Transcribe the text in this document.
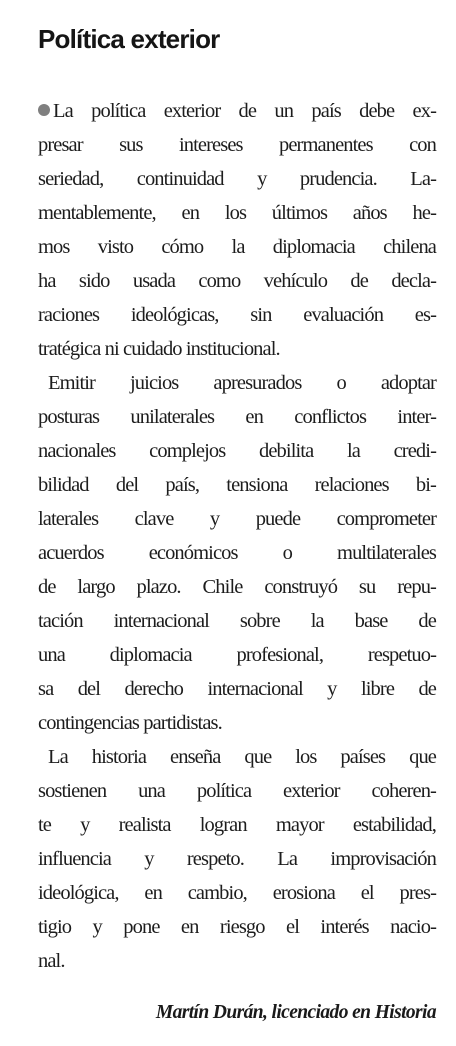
Política exterior
La política exterior de un país debe ex-
presar sus intereses permanentes con
seriedad, continuidad y prudencia. La-
mentablemente, en los últimos años he-
mos visto cómo la diplomacia chilena
ha sido usada como vehículo de decla-
raciones ideológicas, sin evaluación es-
tratégica ni cuidado institucional.
Emitir juicios apresurados o adoptar
posturas unilaterales en conflictos inter-
nacionales complejos debilita la credi-
bilidad del país, tensiona relaciones bi-
laterales clave y puede comprometer
acuerdos económicos o multilaterales
de largo plazo. Chile construyó su repu-
tación internacional sobre la base de
una diplomacia profesional, respetuo-
sa del derecho internacional y libre de
contingencias partidistas.
La historia enseña que los países que
sostienen una política exterior coheren-
te y realista logran mayor estabilidad,
influencia y respeto. La improvisación
ideológica, en cambio, erosiona el pres-
tigio y pone en riesgo el interés nacio-
nal.
Martín Durán, licenciado en Historia
